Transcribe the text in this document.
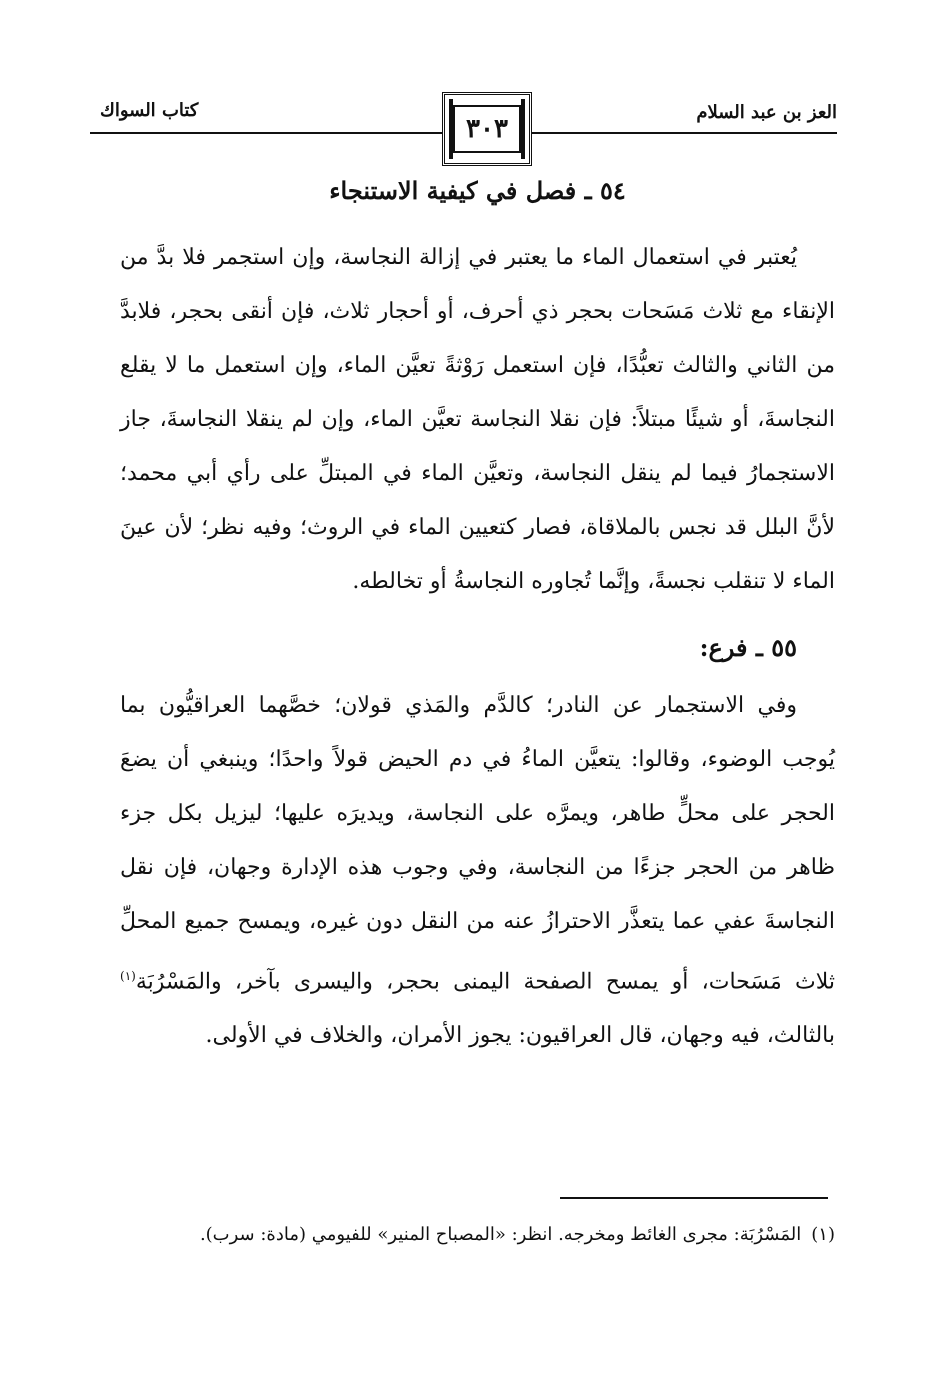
كتاب السواك	العز بن عبد السلام
٣٠٣
٥٤ ـ فصل في كيفية الاستنجاء

يُعتبر في استعمال الماء ما يعتبر في إزالة النجاسة، وإن استجمر فلا بدَّ من الإنقاء مع ثلاث مَسَحات بحجر ذي أحرف، أو أحجار ثلاث، فإن أنقى بحجر، فلابدَّ من الثاني والثالث تعبُّدًا، فإن استعمل رَوْثةً تعيَّن الماء، وإن استعمل ما لا يقلع النجاسةَ، أو شيئًا مبتلاً: فإن نقلا النجاسة تعيَّن الماء، وإن لم ينقلا النجاسةَ، جاز الاستجمارُ فيما لم ينقل النجاسة، وتعيَّن الماء في المبتلِّ على رأي أبي محمد؛ لأنَّ البلل قد نجس بالملاقاة، فصار كتعيين الماء في الروث؛ وفيه نظر؛ لأن عينَ الماء لا تنقلب نجسةً، وإنَّما تُجاوره النجاسةُ أو تخالطه.

٥٥ ـ فرع:

وفي الاستجمار عن النادر؛ كالدَّم والمَذي قولان؛ خصَّهما العراقيُّون بما يُوجب الوضوء، وقالوا: يتعيَّن الماءُ في دم الحيض قولاً واحدًا؛ وينبغي أن يضعَ الحجر على محلٍّ طاهر، ويمرَّه على النجاسة، ويديرَه عليها؛ ليزيل بكل جزء ظاهر من الحجر جزءًا من النجاسة، وفي وجوب هذه الإدارة وجهان، فإن نقل النجاسةَ عفي عما يتعذَّر الاحترازُ عنه من النقل دون غيره، ويمسح جميع المحلِّ ثلاث مَسَحات، أو يمسح الصفحة اليمنى بحجر، واليسرى بآخر، والمَسْرُبَة$^{(١)}$ بالثالث، فيه وجهان، قال العراقيون: يجوز الأمران، والخلاف في الأولى.

(١)المَسْرُبَة: مجرى الغائط ومخرجه. انظر: «المصباح المنير» للفيومي (مادة: سرب).
